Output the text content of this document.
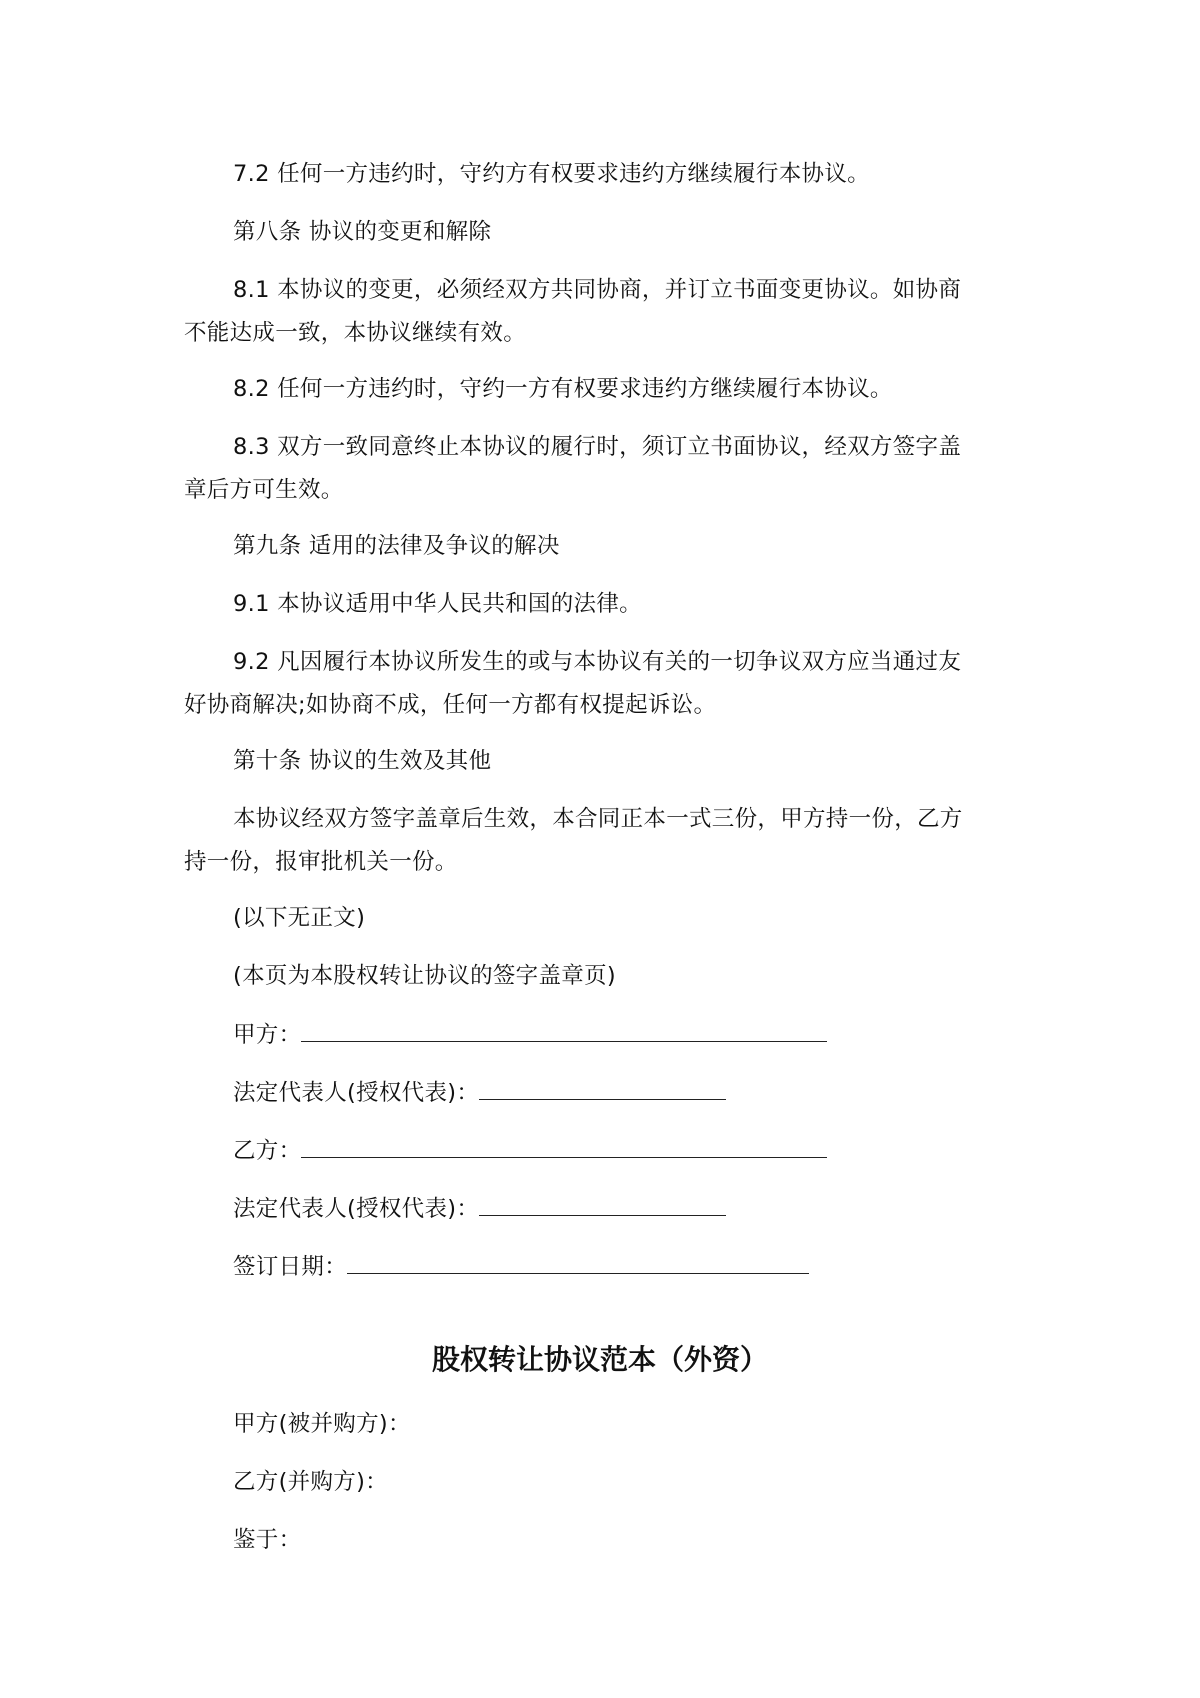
7.2 任何一方违约时，守约方有权要求违约方继续履行本协议。
第八条 协议的变更和解除
8.1 本协议的变更，必须经双方共同协商，并订立书面变更协议。如协商
不能达成一致，本协议继续有效。
8.2 任何一方违约时，守约一方有权要求违约方继续履行本协议。
8.3 双方一致同意终止本协议的履行时，须订立书面协议，经双方签字盖
章后方可生效。
第九条 适用的法律及争议的解决
9.1 本协议适用中华人民共和国的法律。
9.2 凡因履行本协议所发生的或与本协议有关的一切争议双方应当通过友
好协商解决;如协商不成，任何一方都有权提起诉讼。
第十条 协议的生效及其他
本协议经双方签字盖章后生效，本合同正本一式三份，甲方持一份，乙方
持一份，报审批机关一份。
(以下无正文)
(本页为本股权转让协议的签字盖章页)
甲方：
法定代表人(授权代表)：
乙方：
法定代表人(授权代表)：
签订日期：
股权转让协议范本（外资）
甲方(被并购方)：
乙方(并购方)：
鉴于：
